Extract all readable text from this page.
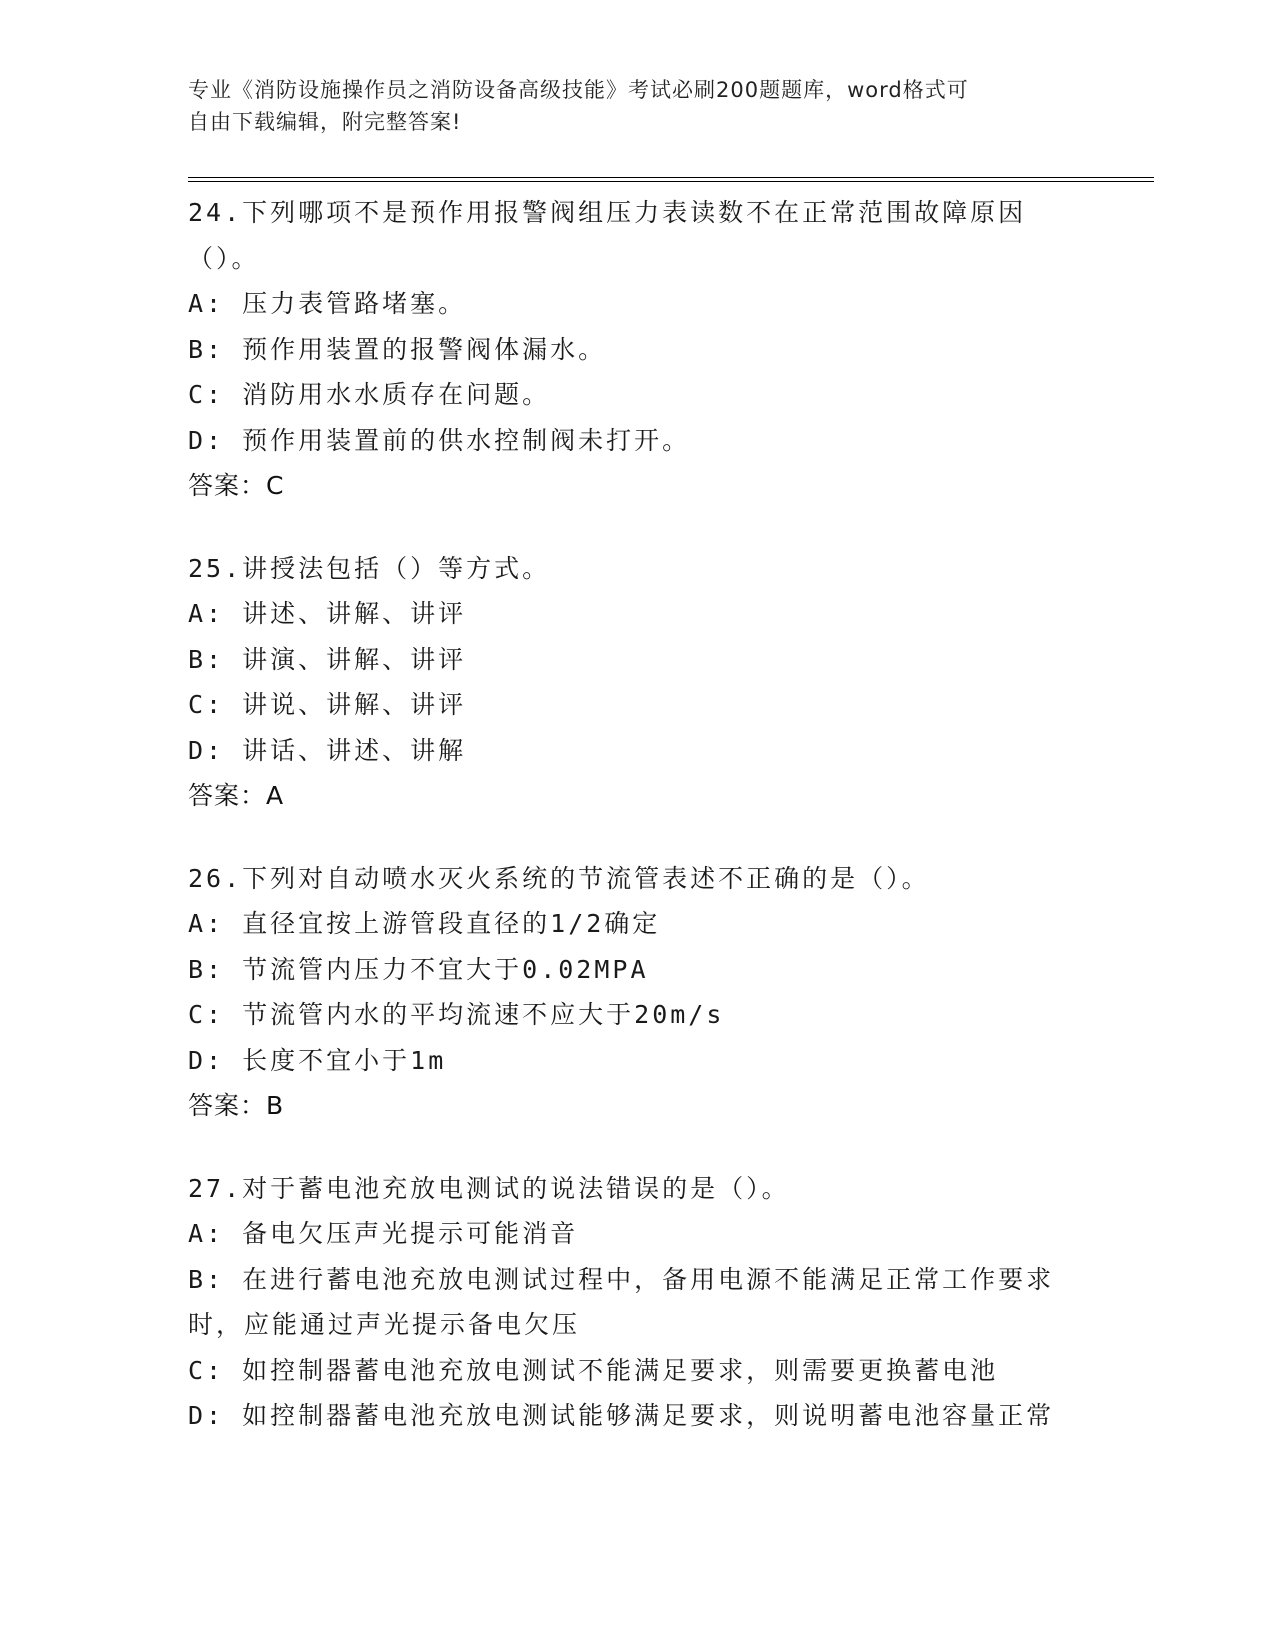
专业《消防设施操作员之消防设备高级技能》考试必刷200题题库，word格式可
自由下载编辑，附完整答案!
24.下列哪项不是预作用报警阀组压力表读数不在正常范围故障原因（）。
A: 压力表管路堵塞。
B: 预作用装置的报警阀体漏水。
C: 消防用水水质存在问题。
D: 预作用装置前的供水控制阀未打开。
答案：C
25.讲授法包括（）等方式。
A: 讲述、讲解、讲评
B: 讲演、讲解、讲评
C: 讲说、讲解、讲评
D: 讲话、讲述、讲解
答案：A
26.下列对自动喷水灭火系统的节流管表述不正确的是（）。
A: 直径宜按上游管段直径的1/2确定
B: 节流管内压力不宜大于0.02MPA
C: 节流管内水的平均流速不应大于20m/s
D: 长度不宜小于1m
答案：B
27.对于蓄电池充放电测试的说法错误的是（）。
A: 备电欠压声光提示可能消音
B: 在进行蓄电池充放电测试过程中，备用电源不能满足正常工作要求时，应能通过声光提示备电欠压
C: 如控制器蓄电池充放电测试不能满足要求，则需要更换蓄电池
D: 如控制器蓄电池充放电测试能够满足要求，则说明蓄电池容量正常
